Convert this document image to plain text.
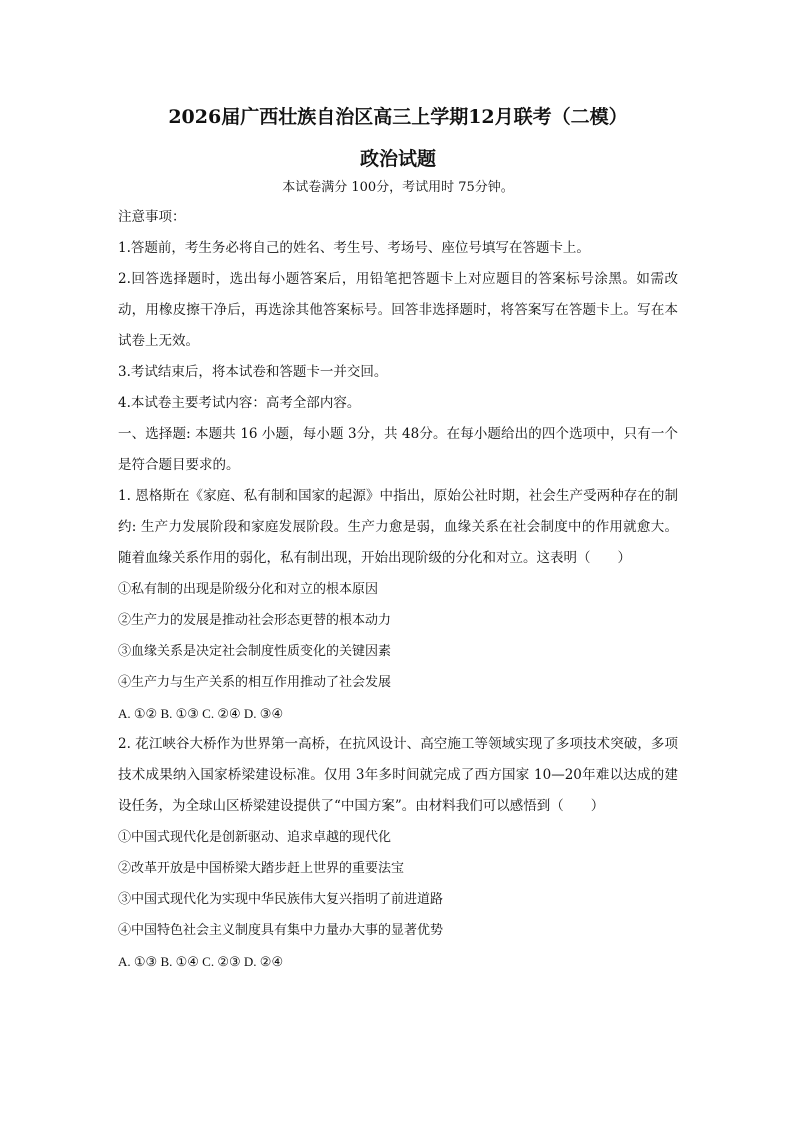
2026届广西壮族自治区高三上学期12月联考（二模）
政治试题
本试卷满分 100分，考试用时 75分钟。
注意事项：
1.答题前，考生务必将自己的姓名、考生号、考场号、座位号填写在答题卡上。
2.回答选择题时，选出每小题答案后，用铅笔把答题卡上对应题目的答案标号涂黑。如需改动，用橡皮擦干净后，再选涂其他答案标号。回答非选择题时，将答案写在答题卡上。写在本试卷上无效。
3.考试结束后，将本试卷和答题卡一并交回。
4.本试卷主要考试内容：高考全部内容。
一、选择题: 本题共 16 小题，每小题 3分，共 48分。在每小题给出的四个选项中，只有一个是符合题目要求的。
1. 恩格斯在《家庭、私有制和国家的起源》中指出，原始公社时期，社会生产受两种存在的制约: 生产力发展阶段和家庭发展阶段。生产力愈是弱，血缘关系在社会制度中的作用就愈大。随着血缘关系作用的弱化，私有制出现，开始出现阶级的分化和对立。这表明（　　）
①私有制的出现是阶级分化和对立的根本原因
②生产力的发展是推动社会形态更替的根本动力
③血缘关系是决定社会制度性质变化的关键因素
④生产力与生产关系的相互作用推动了社会发展
A. ①② B. ①③ C. ②④ D. ③④
2. 花江峡谷大桥作为世界第一高桥，在抗风设计、高空施工等领域实现了多项技术突破，多项技术成果纳入国家桥梁建设标准。仅用 3年多时间就完成了西方国家 10—20年难以达成的建设任务，为全球山区桥梁建设提供了“中国方案”。由材料我们可以感悟到（　　）
①中国式现代化是创新驱动、追求卓越的现代化
②改革开放是中国桥梁大踏步赶上世界的重要法宝
③中国式现代化为实现中华民族伟大复兴指明了前进道路
④中国特色社会主义制度具有集中力量办大事的显著优势
A. ①③ B. ①④ C. ②③ D. ②④
